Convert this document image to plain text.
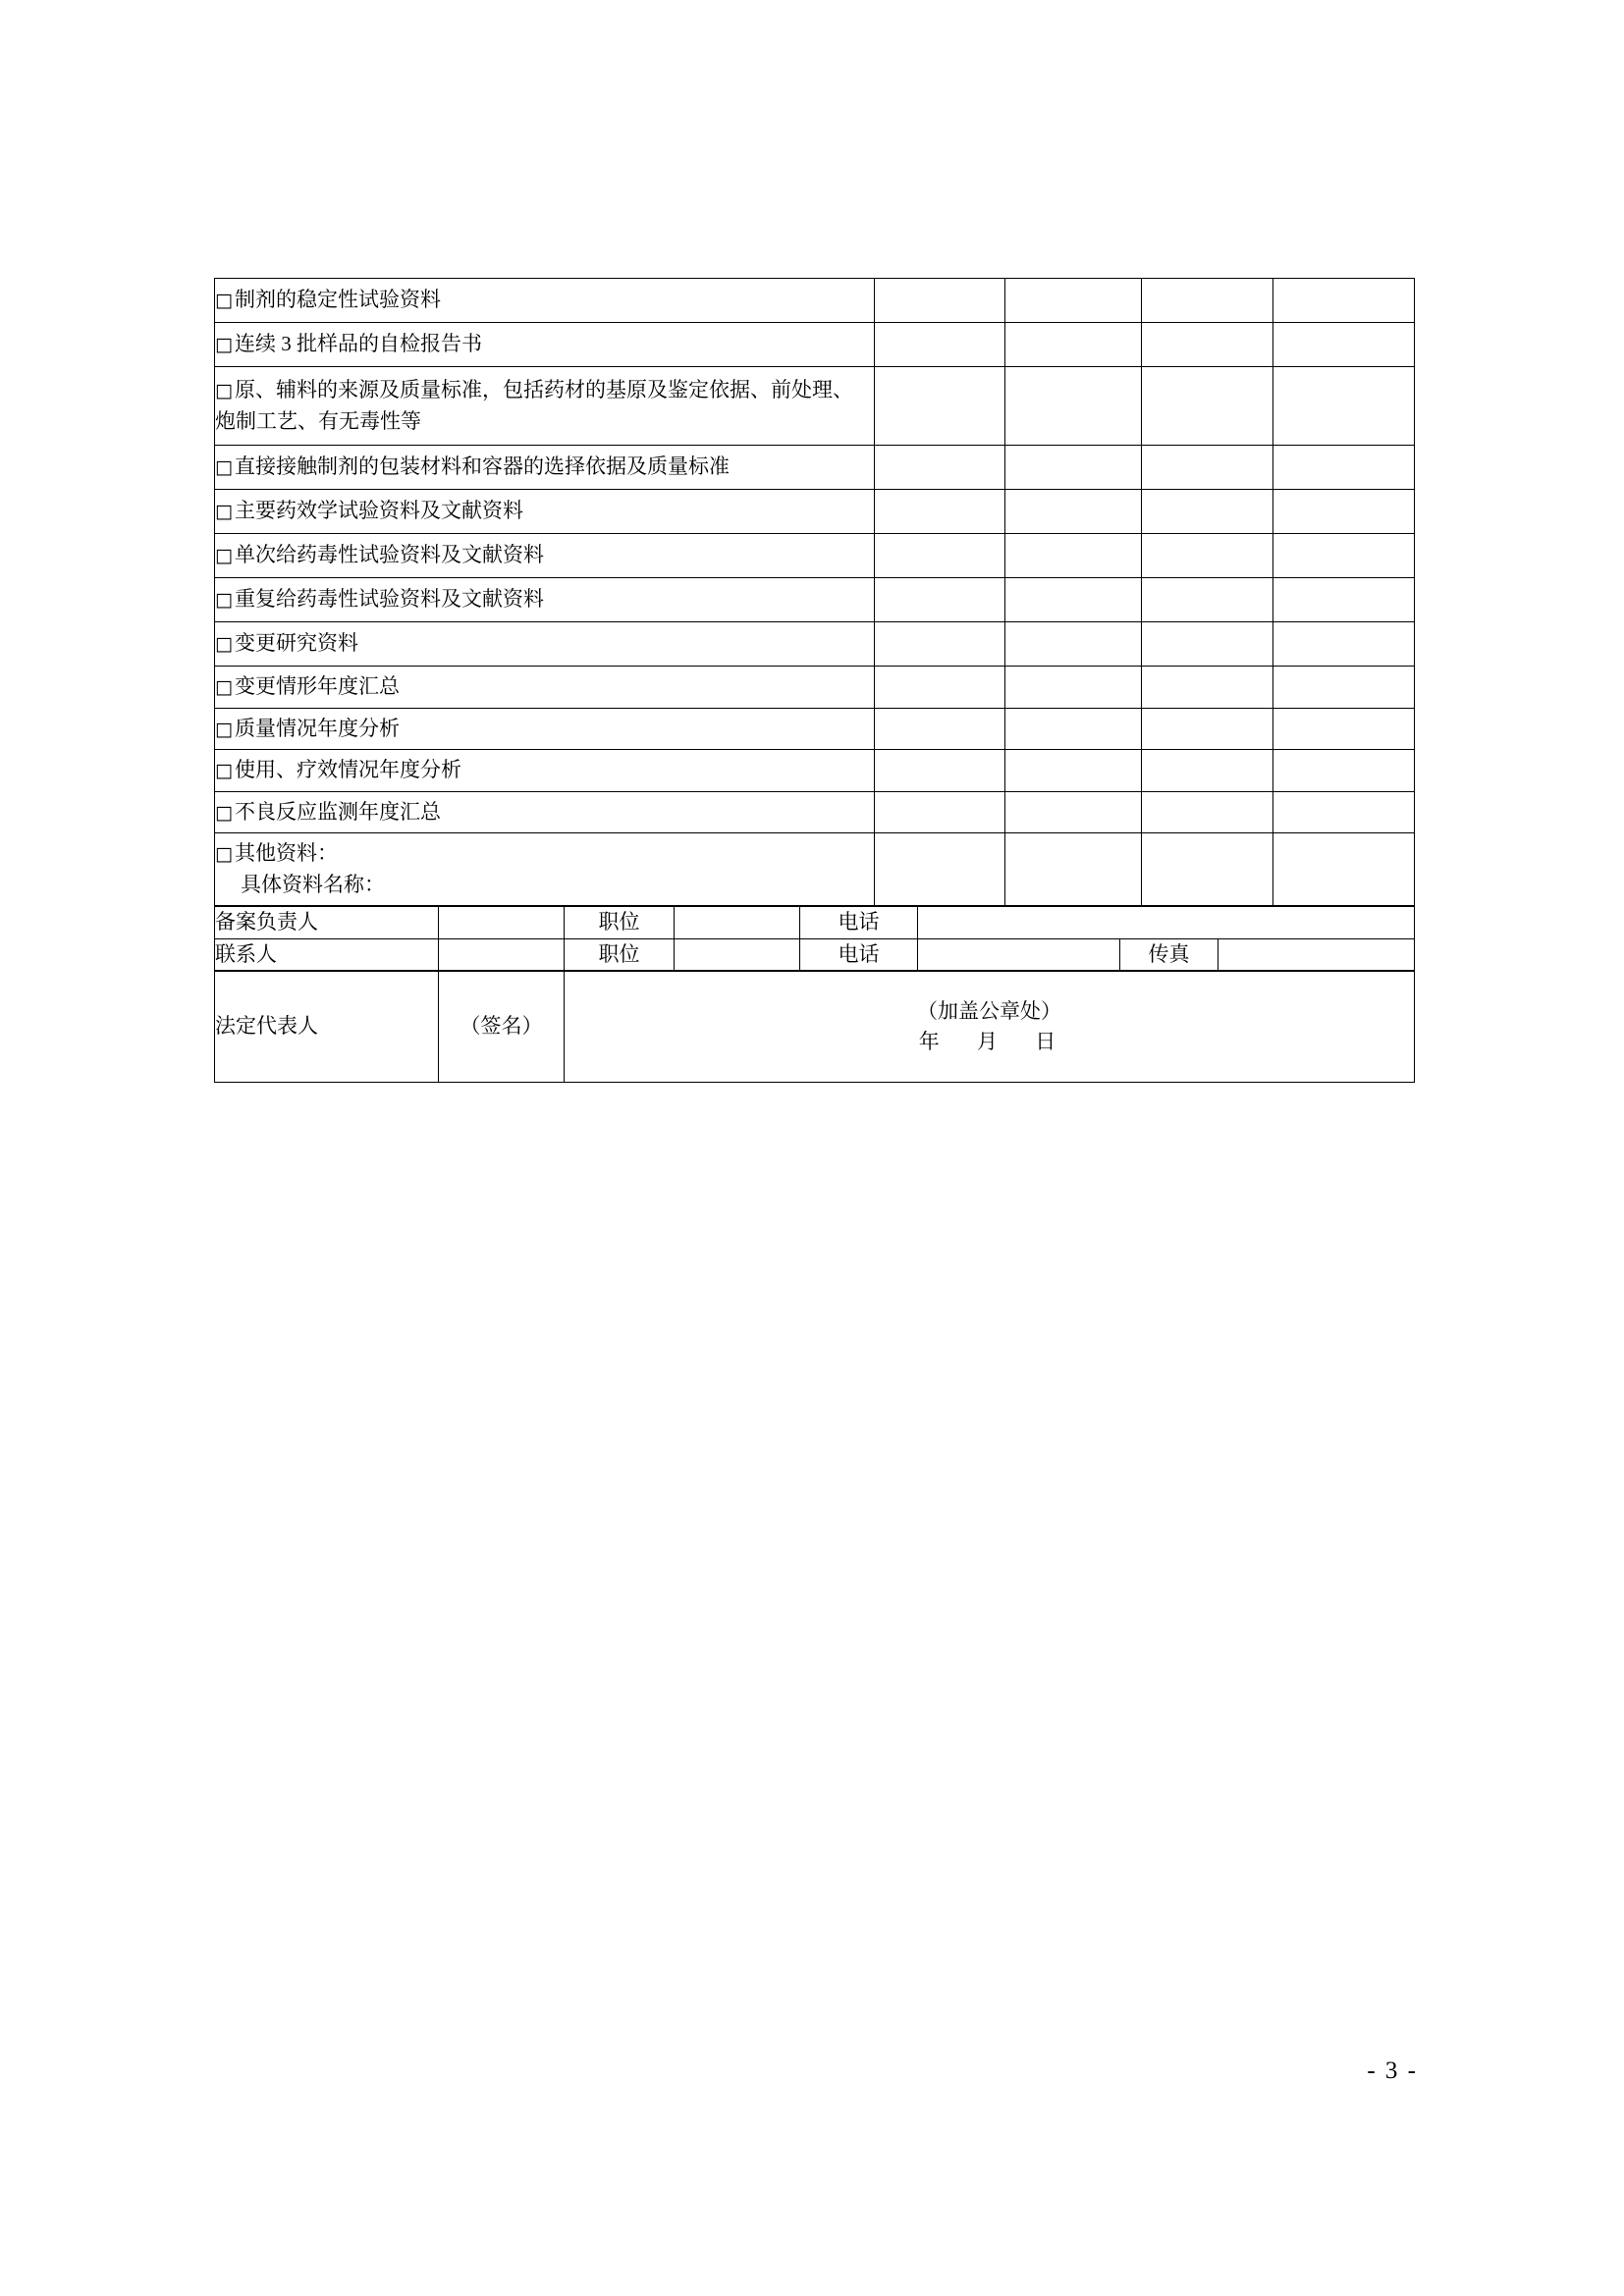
□制剂的稳定性试验资料				
□连续 3 批样品的自检报告书				
□原、辅料的来源及质量标准，包括药材的基原及鉴定依据、前处理、
炮制工艺、有无毒性等				

□直接接触制剂的包装材料和容器的选择依据及质量标准				
□主要药效学试验资料及文献资料				
□单次给药毒性试验资料及文献资料				
□重复给药毒性试验资料及文献资料				
□变更研究资料				
□变更情形年度汇总				
□质量情况年度分析				
□使用、疗效情况年度分析				
□不良反应监测年度汇总				
□其他资料：
具体资料名称：				

备案负责人		职位		电话			
联系人		职位		电话		传真	
法定代表人	（签名）	（加盖公章处）
年　 月　 日
- 3 -
